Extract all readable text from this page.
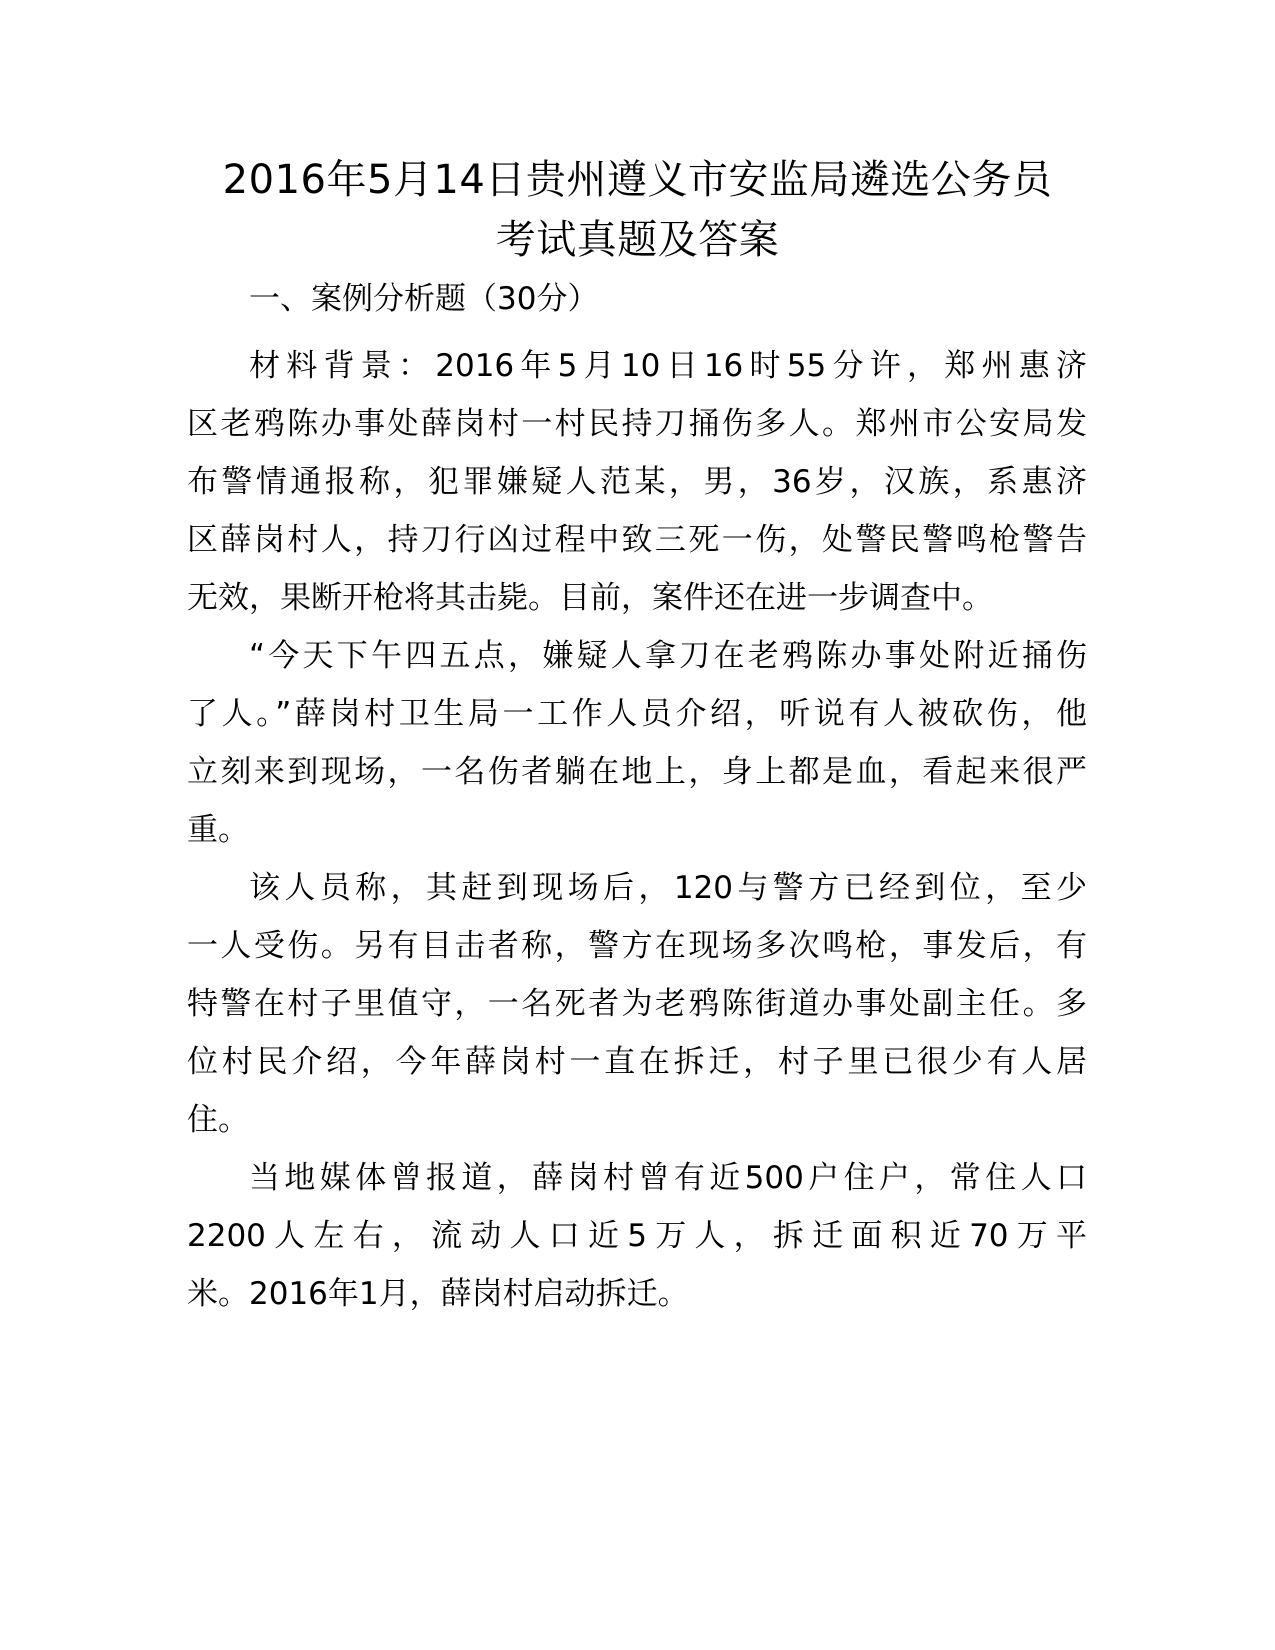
2016年5月14日贵州遵义市安监局遴选公务员
考试真题及答案
一、案例分析题（30分）
材料背景：2016年5月10日16时55分许，郑州惠济
区老鸦陈办事处薛岗村一村民持刀捅伤多人。郑州市公安局发
布警情通报称，犯罪嫌疑人范某，男，36岁，汉族，系惠济
区薛岗村人，持刀行凶过程中致三死一伤，处警民警鸣枪警告
无效，果断开枪将其击毙。目前，案件还在进一步调查中。
“今天下午四五点，嫌疑人拿刀在老鸦陈办事处附近捅伤
了人。”薛岗村卫生局一工作人员介绍，听说有人被砍伤，他
立刻来到现场，一名伤者躺在地上，身上都是血，看起来很严
重。
该人员称，其赶到现场后，120与警方已经到位，至少
一人受伤。另有目击者称，警方在现场多次鸣枪，事发后，有
特警在村子里值守，一名死者为老鸦陈街道办事处副主任。多
位村民介绍，今年薛岗村一直在拆迁，村子里已很少有人居
住。
当地媒体曾报道，薛岗村曾有近500户住户，常住人口
2200人左右，流动人口近5万人，拆迁面积近70万平
米。2016年1月，薛岗村启动拆迁。
